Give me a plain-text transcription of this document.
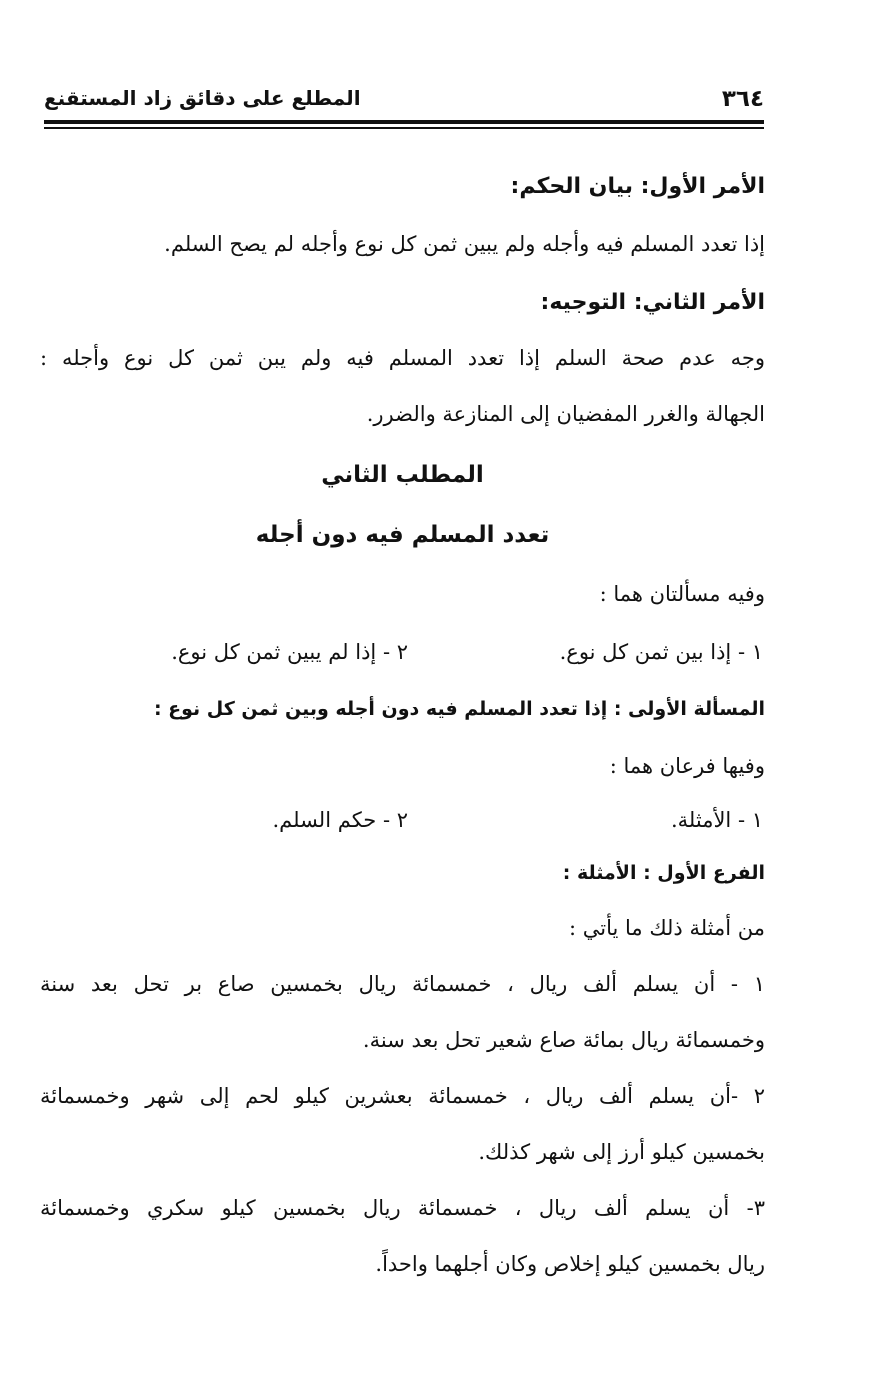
٣٦٤
المطلع على دقائق زاد المستقنع
الأمر الأول: بيان الحكم:
إذا تعدد المسلم فيه وأجله ولم يبين ثمن كل نوع وأجله لم يصح السلم.
الأمر الثاني: التوجيه:
وجه عدم صحة السلم إذا تعدد المسلم فيه ولم يبن ثمن كل نوع وأجله :
الجهالة والغرر المفضيان إلى المنازعة والضرر.
المطلب الثاني
تعدد المسلم فيه دون أجله
وفيه مسألتان هما :
١ - إذا بين ثمن كل نوع.
٢ - إذا لم يبين ثمن كل نوع.
المسألة الأولى : إذا تعدد المسلم فيه دون أجله وبين ثمن كل نوع :
وفيها فرعان هما :
١ - الأمثلة.
٢ - حكم السلم.
الفرع الأول : الأمثلة :
من أمثلة ذلك ما يأتي :
١ - أن يسلم ألف ريال ، خمسمائة ريال بخمسين صاع بر تحل بعد سنة
وخمسمائة ريال بمائة صاع شعير تحل بعد سنة.
٢ -أن يسلم ألف ريال ، خمسمائة بعشرين كيلو لحم إلى شهر وخمسمائة
بخمسين كيلو أرز إلى شهر كذلك.
٣- أن يسلم ألف ريال ، خمسمائة ريال بخمسين كيلو سكري وخمسمائة
ريال بخمسين كيلو إخلاص وكان أجلهما واحداً.
